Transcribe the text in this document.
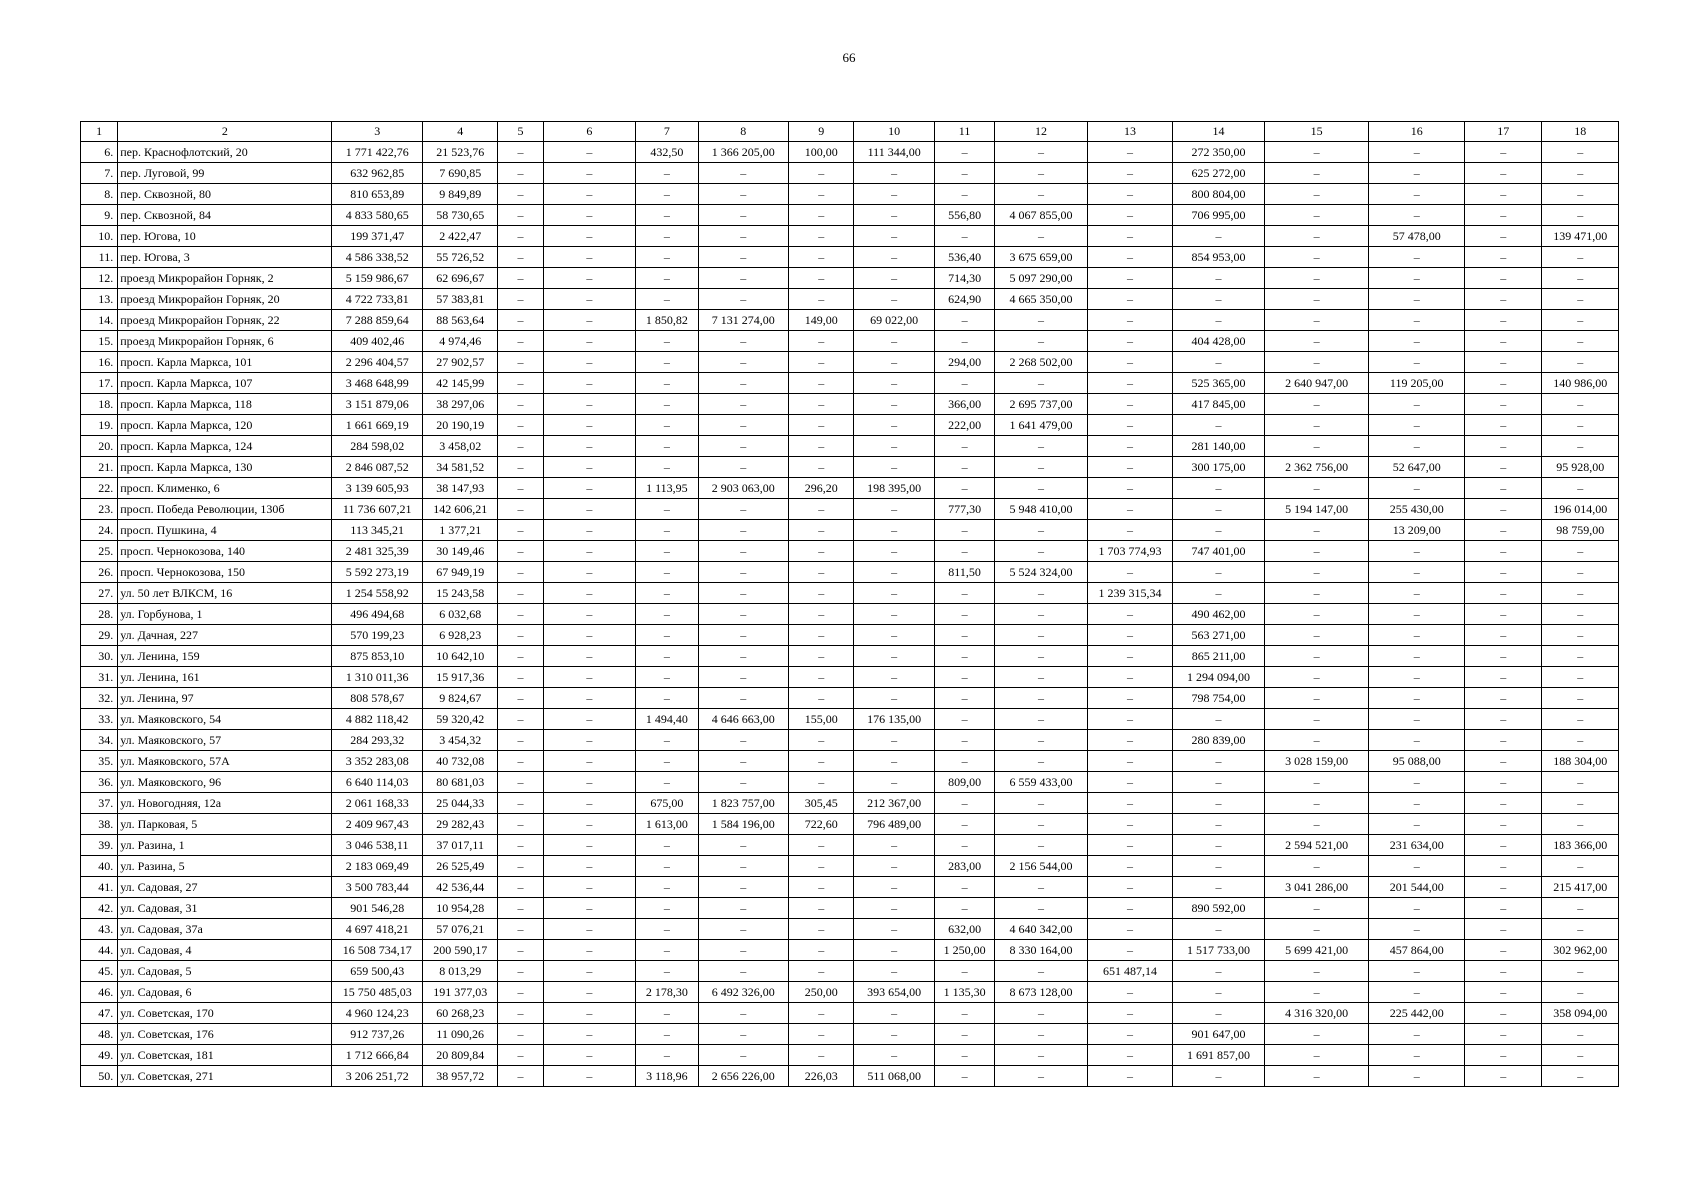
66
1	2	3	4	5	6	7	8	9	10	11	12	13	14	15	16	17	18
6.	пер. Краснофлотский, 20	1 771 422,76	21 523,76	–	–	432,50	1 366 205,00	100,00	111 344,00	–	–	–	272 350,00	–	–	–	–
7.	пер. Луговой, 99	632 962,85	7 690,85	–	–	–	–	–	–	–	–	–	625 272,00	–	–	–	–
8.	пер. Сквозной, 80	810 653,89	9 849,89	–	–	–	–	–	–	–	–	–	800 804,00	–	–	–	–
9.	пер. Сквозной, 84	4 833 580,65	58 730,65	–	–	–	–	–	–	556,80	4 067 855,00	–	706 995,00	–	–	–	–
10.	пер. Югова, 10	199 371,47	2 422,47	–	–	–	–	–	–	–	–	–	–	–	57 478,00	–	139 471,00
11.	пер. Югова, 3	4 586 338,52	55 726,52	–	–	–	–	–	–	536,40	3 675 659,00	–	854 953,00	–	–	–	–
12.	проезд Микрорайон Горняк, 2	5 159 986,67	62 696,67	–	–	–	–	–	–	714,30	5 097 290,00	–	–	–	–	–	–
13.	проезд Микрорайон Горняк, 20	4 722 733,81	57 383,81	–	–	–	–	–	–	624,90	4 665 350,00	–	–	–	–	–	–
14.	проезд Микрорайон Горняк, 22	7 288 859,64	88 563,64	–	–	1 850,82	7 131 274,00	149,00	69 022,00	–	–	–	–	–	–	–	–
15.	проезд Микрорайон Горняк, 6	409 402,46	4 974,46	–	–	–	–	–	–	–	–	–	404 428,00	–	–	–	–
16.	просп. Карла Маркса, 101	2 296 404,57	27 902,57	–	–	–	–	–	–	294,00	2 268 502,00	–	–	–	–	–	–
17.	просп. Карла Маркса, 107	3 468 648,99	42 145,99	–	–	–	–	–	–	–	–	–	525 365,00	2 640 947,00	119 205,00	–	140 986,00
18.	просп. Карла Маркса, 118	3 151 879,06	38 297,06	–	–	–	–	–	–	366,00	2 695 737,00	–	417 845,00	–	–	–	–
19.	просп. Карла Маркса, 120	1 661 669,19	20 190,19	–	–	–	–	–	–	222,00	1 641 479,00	–	–	–	–	–	–
20.	просп. Карла Маркса, 124	284 598,02	3 458,02	–	–	–	–	–	–	–	–	–	281 140,00	–	–	–	–
21.	просп. Карла Маркса, 130	2 846 087,52	34 581,52	–	–	–	–	–	–	–	–	–	300 175,00	2 362 756,00	52 647,00	–	95 928,00
22.	просп. Клименко, 6	3 139 605,93	38 147,93	–	–	1 113,95	2 903 063,00	296,20	198 395,00	–	–	–	–	–	–	–	–
23.	просп. Победа Революции, 130б	11 736 607,21	142 606,21	–	–	–	–	–	–	777,30	5 948 410,00	–	–	5 194 147,00	255 430,00	–	196 014,00
24.	просп. Пушкина, 4	113 345,21	1 377,21	–	–	–	–	–	–	–	–	–	–	–	13 209,00	–	98 759,00
25.	просп. Чернокозова, 140	2 481 325,39	30 149,46	–	–	–	–	–	–	–	–	1 703 774,93	747 401,00	–	–	–	–
26.	просп. Чернокозова, 150	5 592 273,19	67 949,19	–	–	–	–	–	–	811,50	5 524 324,00	–	–	–	–	–	–
27.	ул. 50 лет ВЛКСМ, 16	1 254 558,92	15 243,58	–	–	–	–	–	–	–	–	1 239 315,34	–	–	–	–	–
28.	ул. Горбунова, 1	496 494,68	6 032,68	–	–	–	–	–	–	–	–	–	490 462,00	–	–	–	–
29.	ул. Дачная, 227	570 199,23	6 928,23	–	–	–	–	–	–	–	–	–	563 271,00	–	–	–	–
30.	ул. Ленина, 159	875 853,10	10 642,10	–	–	–	–	–	–	–	–	–	865 211,00	–	–	–	–
31.	ул. Ленина, 161	1 310 011,36	15 917,36	–	–	–	–	–	–	–	–	–	1 294 094,00	–	–	–	–
32.	ул. Ленина, 97	808 578,67	9 824,67	–	–	–	–	–	–	–	–	–	798 754,00	–	–	–	–
33.	ул. Маяковского, 54	4 882 118,42	59 320,42	–	–	1 494,40	4 646 663,00	155,00	176 135,00	–	–	–	–	–	–	–	–
34.	ул. Маяковского, 57	284 293,32	3 454,32	–	–	–	–	–	–	–	–	–	280 839,00	–	–	–	–
35.	ул. Маяковского, 57А	3 352 283,08	40 732,08	–	–	–	–	–	–	–	–	–	–	3 028 159,00	95 088,00	–	188 304,00
36.	ул. Маяковского, 96	6 640 114,03	80 681,03	–	–	–	–	–	–	809,00	6 559 433,00	–	–	–	–	–	–
37.	ул. Новогодняя, 12а	2 061 168,33	25 044,33	–	–	675,00	1 823 757,00	305,45	212 367,00	–	–	–	–	–	–	–	–
38.	ул. Парковая, 5	2 409 967,43	29 282,43	–	–	1 613,00	1 584 196,00	722,60	796 489,00	–	–	–	–	–	–	–	–
39.	ул. Разина, 1	3 046 538,11	37 017,11	–	–	–	–	–	–	–	–	–	–	2 594 521,00	231 634,00	–	183 366,00
40.	ул. Разина, 5	2 183 069,49	26 525,49	–	–	–	–	–	–	283,00	2 156 544,00	–	–	–	–	–	–
41.	ул. Садовая, 27	3 500 783,44	42 536,44	–	–	–	–	–	–	–	–	–	–	3 041 286,00	201 544,00	–	215 417,00
42.	ул. Садовая, 31	901 546,28	10 954,28	–	–	–	–	–	–	–	–	–	890 592,00	–	–	–	–
43.	ул. Садовая, 37а	4 697 418,21	57 076,21	–	–	–	–	–	–	632,00	4 640 342,00	–	–	–	–	–	–
44.	ул. Садовая, 4	16 508 734,17	200 590,17	–	–	–	–	–	–	1 250,00	8 330 164,00	–	1 517 733,00	5 699 421,00	457 864,00	–	302 962,00
45.	ул. Садовая, 5	659 500,43	8 013,29	–	–	–	–	–	–	–	–	651 487,14	–	–	–	–	–
46.	ул. Садовая, 6	15 750 485,03	191 377,03	–	–	2 178,30	6 492 326,00	250,00	393 654,00	1 135,30	8 673 128,00	–	–	–	–	–	–
47.	ул. Советская, 170	4 960 124,23	60 268,23	–	–	–	–	–	–	–	–	–	–	4 316 320,00	225 442,00	–	358 094,00
48.	ул. Советская, 176	912 737,26	11 090,26	–	–	–	–	–	–	–	–	–	901 647,00	–	–	–	–
49.	ул. Советская, 181	1 712 666,84	20 809,84	–	–	–	–	–	–	–	–	–	1 691 857,00	–	–	–	–
50.	ул. Советская, 271	3 206 251,72	38 957,72	–	–	3 118,96	2 656 226,00	226,03	511 068,00	–	–	–	–	–	–	–	–
